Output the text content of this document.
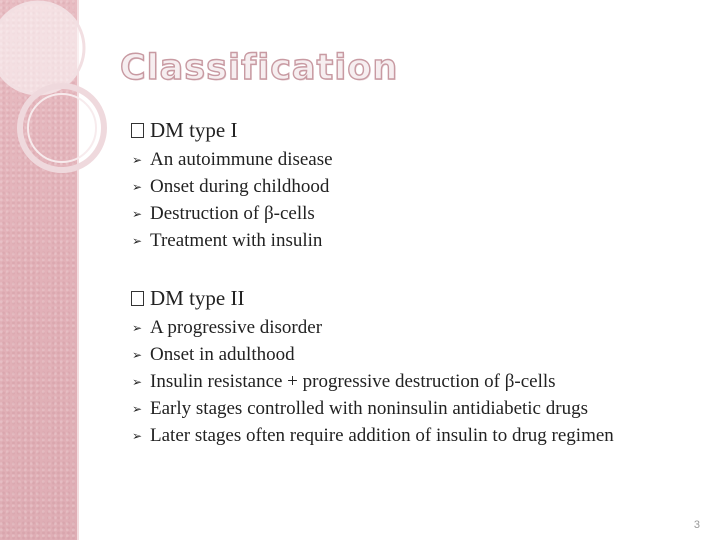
Classification
DM type I
➢ An autoimmune disease
➢ Onset during childhood
➢ Destruction of β-cells
➢ Treatment with insulin
DM type II
➢ A progressive disorder
➢ Onset in adulthood
➢ Insulin resistance + progressive destruction of β-cells
➢ Early stages controlled with noninsulin antidiabetic drugs
➢ Later stages often require addition of insulin to drug regimen
3
